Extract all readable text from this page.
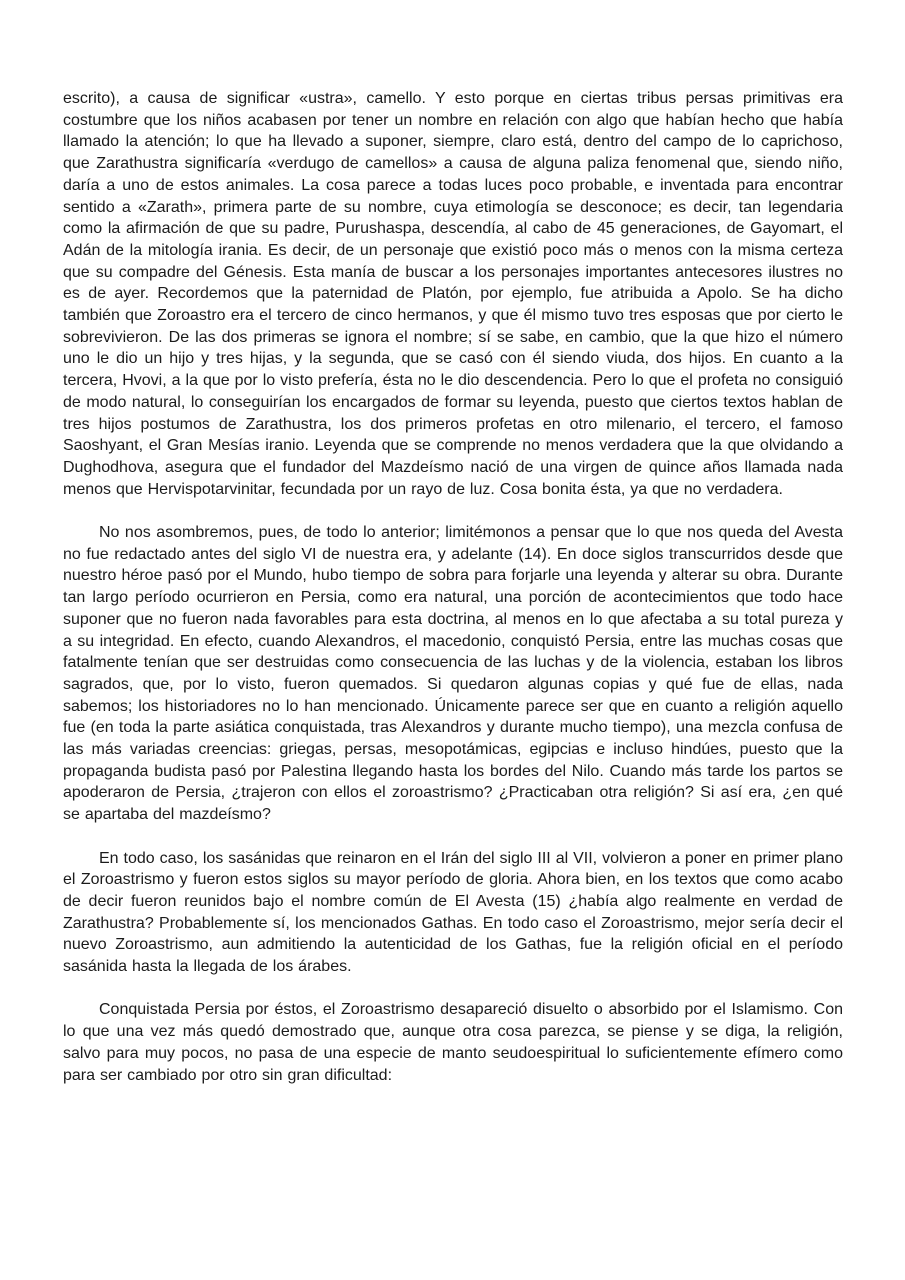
escrito), a causa de significar «ustra», camello. Y esto porque en ciertas tribus persas primitivas era costumbre que los niños acabasen por tener un nombre en relación con algo que habían hecho que había llamado la atención; lo que ha llevado a suponer, siempre, claro está, dentro del campo de lo caprichoso, que Zarathustra significaría «verdugo de camellos» a causa de alguna paliza fenomenal que, siendo niño, daría a uno de estos animales. La cosa parece a todas luces poco probable, e inventada para encontrar sentido a «Zarath», primera parte de su nombre, cuya etimología se desconoce; es decir, tan legendaria como la afirmación de que su padre, Purushaspa, descendía, al cabo de 45 generaciones, de Gayomart, el Adán de la mitología irania. Es decir, de un personaje que existió poco más o menos con la misma certeza que su compadre del Génesis. Esta manía de buscar a los personajes importantes antecesores ilustres no es de ayer. Recordemos que la paternidad de Platón, por ejemplo, fue atribuida a Apolo. Se ha dicho también que Zoroastro era el tercero de cinco hermanos, y que él mismo tuvo tres esposas que por cierto le sobrevivieron. De las dos primeras se ignora el nombre; sí se sabe, en cambio, que la que hizo el número uno le dio un hijo y tres hijas, y la segunda, que se casó con él siendo viuda, dos hijos. En cuanto a la tercera, Hvovi, a la que por lo visto prefería, ésta no le dio descendencia. Pero lo que el profeta no consiguió de modo natural, lo conseguirían los encargados de formar su leyenda, puesto que ciertos textos hablan de tres hijos postumos de Zarathustra, los dos primeros profetas en otro milenario, el tercero, el famoso Saoshyant, el Gran Mesías iranio. Leyenda que se comprende no menos verdadera que la que olvidando a Dughodhova, asegura que el fundador del Mazdeísmo nació de una virgen de quince años llamada nada menos que Hervispotarvinitar, fecundada por un rayo de luz. Cosa bonita ésta, ya que no verdadera.

No nos asombremos, pues, de todo lo anterior; limitémonos a pensar que lo que nos queda del Avesta no fue redactado antes del siglo VI de nuestra era, y adelante (14). En doce siglos transcurridos desde que nuestro héroe pasó por el Mundo, hubo tiempo de sobra para forjarle una leyenda y alterar su obra. Durante tan largo período ocurrieron en Persia, como era natural, una porción de acontecimientos que todo hace suponer que no fueron nada favorables para esta doctrina, al menos en lo que afectaba a su total pureza y a su integridad. En efecto, cuando Alexandros, el macedonio, conquistó Persia, entre las muchas cosas que fatalmente tenían que ser destruidas como consecuencia de las luchas y de la violencia, estaban los libros sagrados, que, por lo visto, fueron quemados. Si quedaron algunas copias y qué fue de ellas, nada sabemos; los historiadores no lo han mencionado. Únicamente parece ser que en cuanto a religión aquello fue (en toda la parte asiática conquistada, tras Alexandros y durante mucho tiempo), una mezcla confusa de las más variadas creencias: griegas, persas, mesopotámicas, egipcias e incluso hindúes, puesto que la propaganda budista pasó por Palestina llegando hasta los bordes del Nilo. Cuando más tarde los partos se apoderaron de Persia, ¿trajeron con ellos el zoroastrismo? ¿Practicaban otra religión? Si así era, ¿en qué se apartaba del mazdeísmo?

En todo caso, los sasánidas que reinaron en el Irán del siglo III al VII, volvieron a poner en primer plano el Zoroastrismo y fueron estos siglos su mayor período de gloria. Ahora bien, en los textos que como acabo de decir fueron reunidos bajo el nombre común de El Avesta (15) ¿había algo realmente en verdad de Zarathustra? Probablemente sí, los mencionados Gathas. En todo caso el Zoroastrismo, mejor sería decir el nuevo Zoroastrismo, aun admitiendo la autenticidad de los Gathas, fue la religión oficial en el período sasánida hasta la llegada de los árabes.

Conquistada Persia por éstos, el Zoroastrismo desapareció disuelto o absorbido por el Islamismo. Con lo que una vez más quedó demostrado que, aunque otra cosa parezca, se piense y se diga, la religión, salvo para muy pocos, no pasa de una especie de manto seudoespiritual lo suficientemente efímero como para ser cambiado por otro sin gran dificultad:
